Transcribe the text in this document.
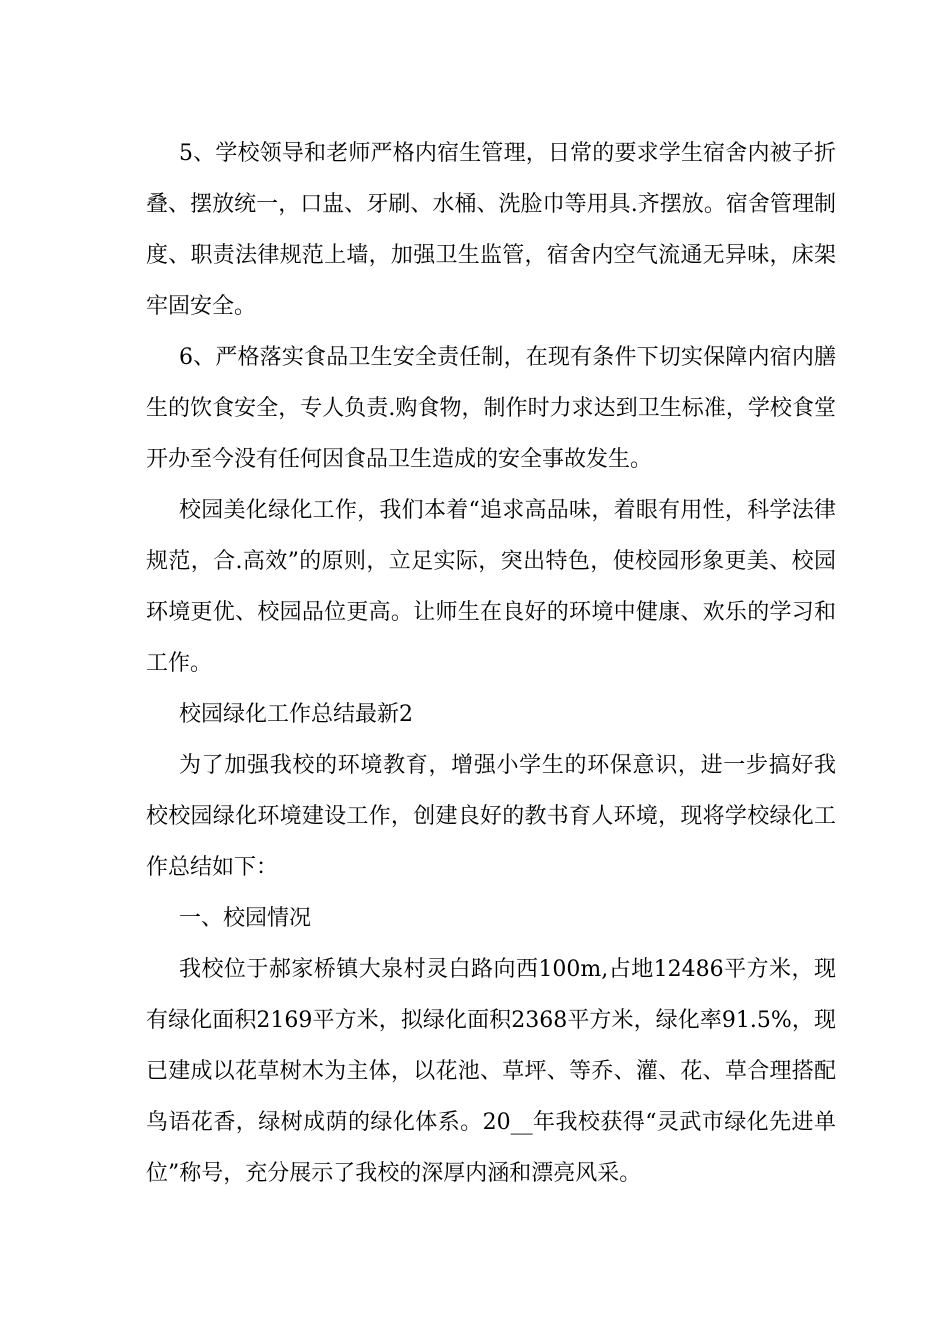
5、学校领导和老师严格内宿生管理，日常的要求学生宿舍内被子折叠、摆放统一，口盅、牙刷、水桶、洗脸巾等用具.齐摆放。宿舍管理制度、职责法律规范上墙，加强卫生监管，宿舍内空气流通无异味，床架牢固安全。

6、严格落实食品卫生安全责任制，在现有条件下切实保障内宿内膳生的饮食安全，专人负责.购食物，制作时力求达到卫生标准，学校食堂开办至今没有任何因食品卫生造成的安全事故发生。

校园美化绿化工作，我们本着“追求高品味，着眼有用性，科学法律规范，合.高效”的原则，立足实际，突出特色，使校园形象更美、校园环境更优、校园品位更高。让师生在良好的环境中健康、欢乐的学习和工作。

校园绿化工作总结最新2

为了加强我校的环境教育，增强小学生的环保意识，进一步搞好我校校园绿化环境建设工作，创建良好的教书育人环境，现将学校绿化工作总结如下：

一、校园情况

我校位于郝家桥镇大泉村灵白路向西100m,占地12486平方米，现有绿化面积2169平方米，拟绿化面积2368平方米，绿化率91.5%，现已建成以花草树木为主体，以花池、草坪、等乔、灌、花、草合理搭配鸟语花香，绿树成荫的绿化体系。20__年我校获得“灵武市绿化先进单位”称号，充分展示了我校的深厚内涵和漂亮风采。
